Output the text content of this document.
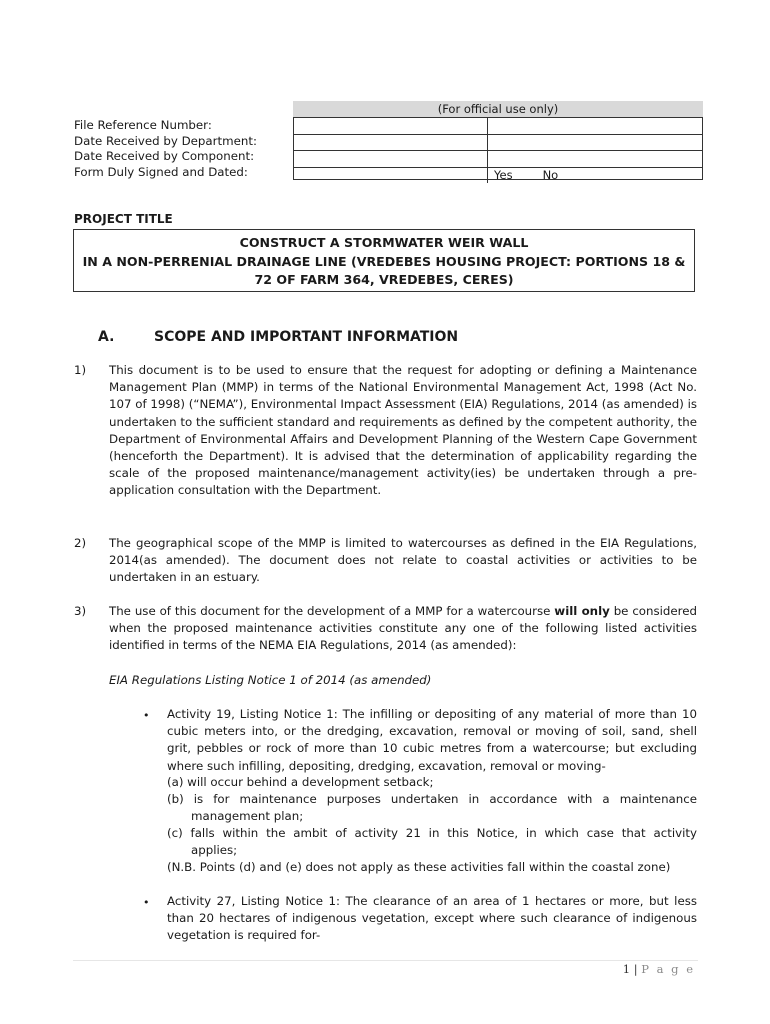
(For official use only)
Yes	No
File Reference Number:
Date Received by Department:
Date Received by Component:
Form Duly Signed and Dated:
PROJECT TITLE
CONSTRUCT A STORMWATER WEIR WALL
IN A NON-PERRENIAL DRAINAGE LINE (VREDEBES HOUSING PROJECT: PORTIONS 18 & 72 OF FARM 364, VREDEBES, CERES)
A.	SCOPE AND IMPORTANT INFORMATION
1) This document is to be used to ensure that the request for adopting or defining a Maintenance Management Plan (MMP) in terms of the National Environmental Management Act, 1998 (Act No. 107 of 1998) (“NEMA”), Environmental Impact Assessment (EIA) Regulations, 2014 (as amended) is undertaken to the sufficient standard and requirements as defined by the competent authority, the Department of Environmental Affairs and Development Planning of the Western Cape Government (henceforth the Department). It is advised that the determination of applicability regarding the scale of the proposed maintenance/management activity(ies) be undertaken through a pre-application consultation with the Department.
2) The geographical scope of the MMP is limited to watercourses as defined in the EIA Regulations, 2014(as amended). The document does not relate to coastal activities or activities to be undertaken in an estuary.
3) The use of this document for the development of a MMP for a watercourse will only be considered when the proposed maintenance activities constitute any one of the following listed activities identified in terms of the NEMA EIA Regulations, 2014 (as amended):
EIA Regulations Listing Notice 1 of 2014 (as amended)
• Activity 19, Listing Notice 1: The infilling or depositing of any material of more than 10 cubic meters into, or the dredging, excavation, removal or moving of soil, sand, shell grit, pebbles or rock of more than 10 cubic metres from a watercourse; but excluding where such infilling, depositing, dredging, excavation, removal or moving-
(a) will occur behind a development setback;
(b) is for maintenance purposes undertaken in accordance with a maintenance
management plan;
(c) falls within the ambit of activity 21 in this Notice, in which case that activity
applies;
(N.B. Points (d) and (e) does not apply as these activities fall within the coastal zone)
• Activity 27, Listing Notice 1: The clearance of an area of 1 hectares or more, but less than 20 hectares of indigenous vegetation, except where such clearance of indigenous vegetation is required for-
1 | P a g e
